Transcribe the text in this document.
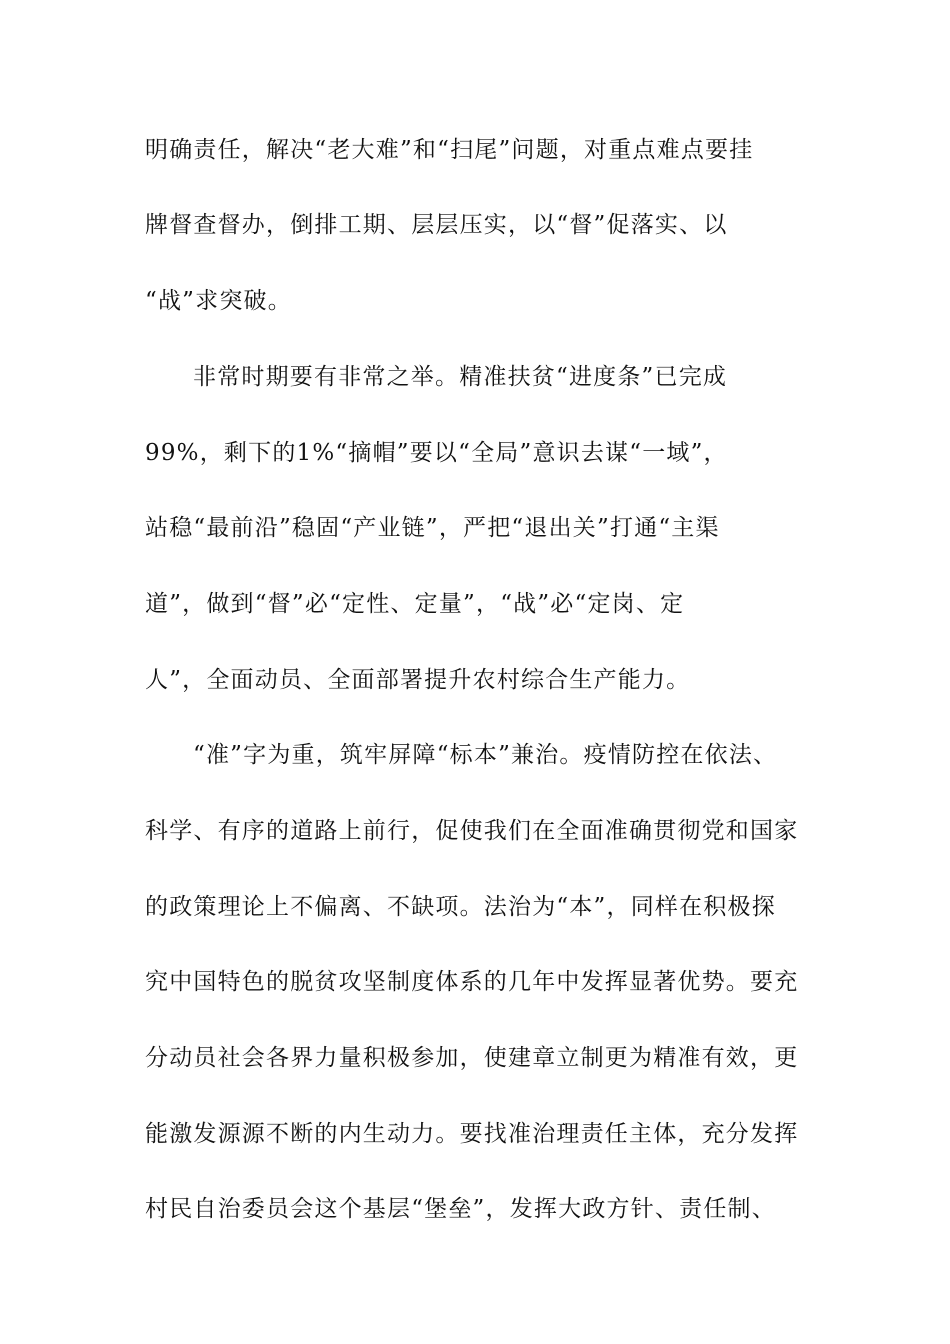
明确责任，解决“老大难”和“扫尾”问题，对重点难点要挂
牌督查督办，倒排工期、层层压实，以“督”促落实、以
“战”求突破。
非常时期要有非常之举。精准扶贫“进度条”已完成
99%，剩下的1%“摘帽”要以“全局”意识去谋“一域”，
站稳“最前沿”稳固“产业链”，严把“退出关”打通“主渠
道”，做到“督”必“定性、定量”，“战”必“定岗、定
人”，全面动员、全面部署提升农村综合生产能力。
“准”字为重，筑牢屏障“标本”兼治。疫情防控在依法、
科学、有序的道路上前行，促使我们在全面准确贯彻党和国家
的政策理论上不偏离、不缺项。法治为“本”，同样在积极探
究中国特色的脱贫攻坚制度体系的几年中发挥显著优势。要充
分动员社会各界力量积极参加，使建章立制更为精准有效，更
能激发源源不断的内生动力。要找准治理责任主体，充分发挥
村民自治委员会这个基层“堡垒”，发挥大政方针、责任制、
